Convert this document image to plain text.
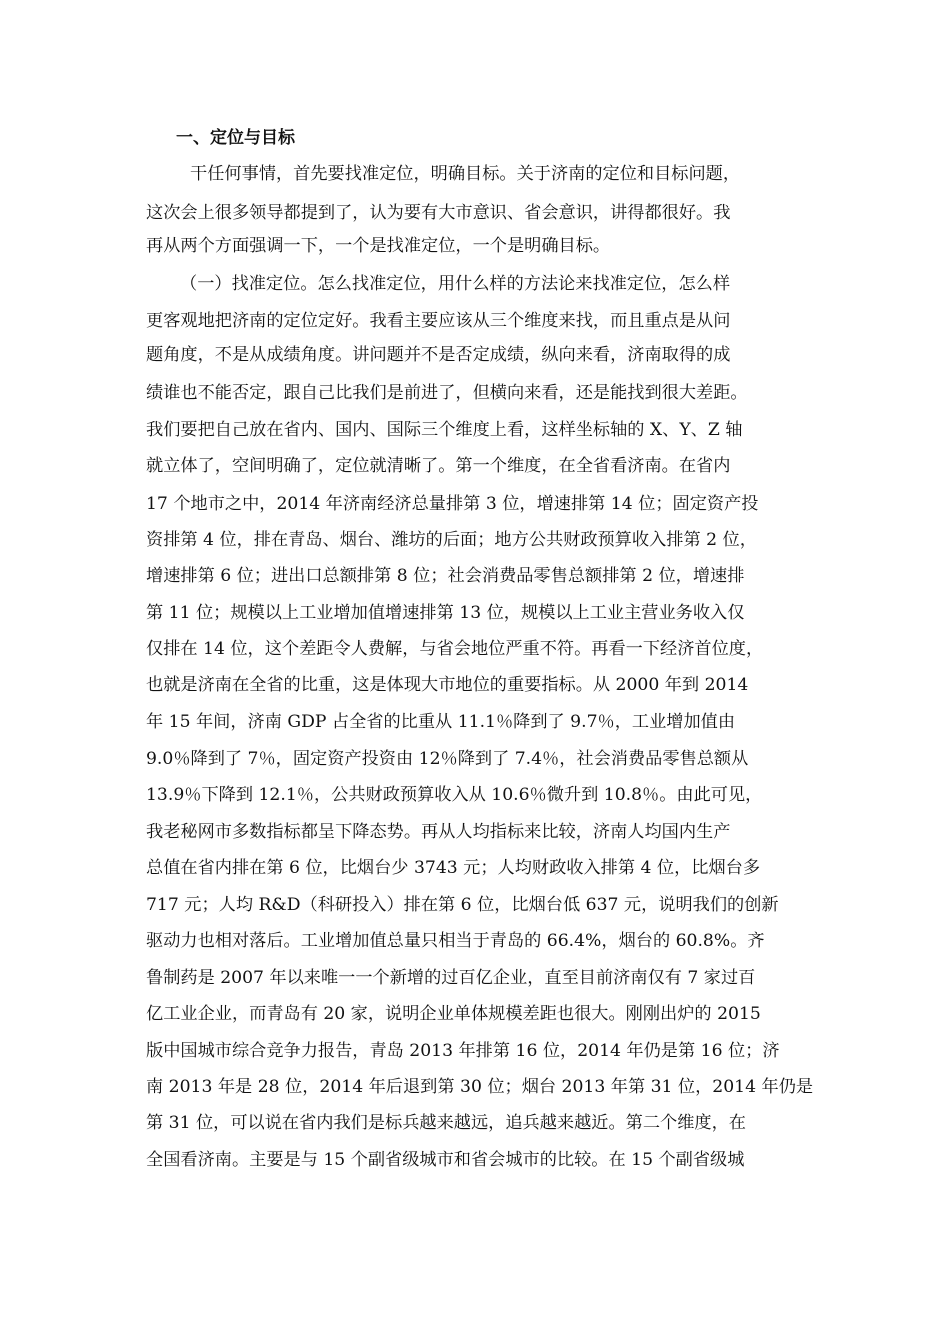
一、定位与目标
干任何事情，首先要找准定位，明确目标。关于济南的定位和目标问题，
这次会上很多领导都提到了，认为要有大市意识、省会意识，讲得都很好。我
再从两个方面强调一下，一个是找准定位，一个是明确目标。
（一）找准定位。怎么找准定位，用什么样的方法论来找准定位，怎么样
更客观地把济南的定位定好。我看主要应该从三个维度来找，而且重点是从问
题角度，不是从成绩角度。讲问题并不是否定成绩，纵向来看，济南取得的成
绩谁也不能否定，跟自己比我们是前进了，但横向来看，还是能找到很大差距。
我们要把自己放在省内、国内、国际三个维度上看，这样坐标轴的 X、Y、Z 轴
就立体了，空间明确了，定位就清晰了。第一个维度，在全省看济南。在省内
17 个地市之中，2014 年济南经济总量排第 3 位，增速排第 14 位；固定资产投
资排第 4 位，排在青岛、烟台、潍坊的后面；地方公共财政预算收入排第 2 位，
增速排第 6 位；进出口总额排第 8 位；社会消费品零售总额排第 2 位，增速排
第 11 位；规模以上工业增加值增速排第 13 位，规模以上工业主营业务收入仅
仅排在 14 位，这个差距令人费解，与省会地位严重不符。再看一下经济首位度，
也就是济南在全省的比重，这是体现大市地位的重要指标。从 2000 年到 2014
年 15 年间，济南 GDP 占全省的比重从 11.1％降到了 9.7％，工业增加值由
9.0％降到了 7％，固定资产投资由 12％降到了 7.4％，社会消费品零售总额从
13.9％下降到 12.1％，公共财政预算收入从 10.6％微升到 10.8％。由此可见，
我老秘网市多数指标都呈下降态势。再从人均指标来比较，济南人均国内生产
总值在省内排在第 6 位，比烟台少 3743 元；人均财政收入排第 4 位，比烟台多
717 元；人均 R&D（科研投入）排在第 6 位，比烟台低 637 元，说明我们的创新
驱动力也相对落后。工业增加值总量只相当于青岛的 66.4%，烟台的 60.8%。齐
鲁制药是 2007 年以来唯一一个新增的过百亿企业，直至目前济南仅有 7 家过百
亿工业企业，而青岛有 20 家，说明企业单体规模差距也很大。刚刚出炉的 2015
版中国城市综合竞争力报告，青岛 2013 年排第 16 位，2014 年仍是第 16 位；济
南 2013 年是 28 位，2014 年后退到第 30 位；烟台 2013 年第 31 位，2014 年仍是
第 31 位，可以说在省内我们是标兵越来越远，追兵越来越近。第二个维度，在
全国看济南。主要是与 15 个副省级城市和省会城市的比较。在 15 个副省级城
